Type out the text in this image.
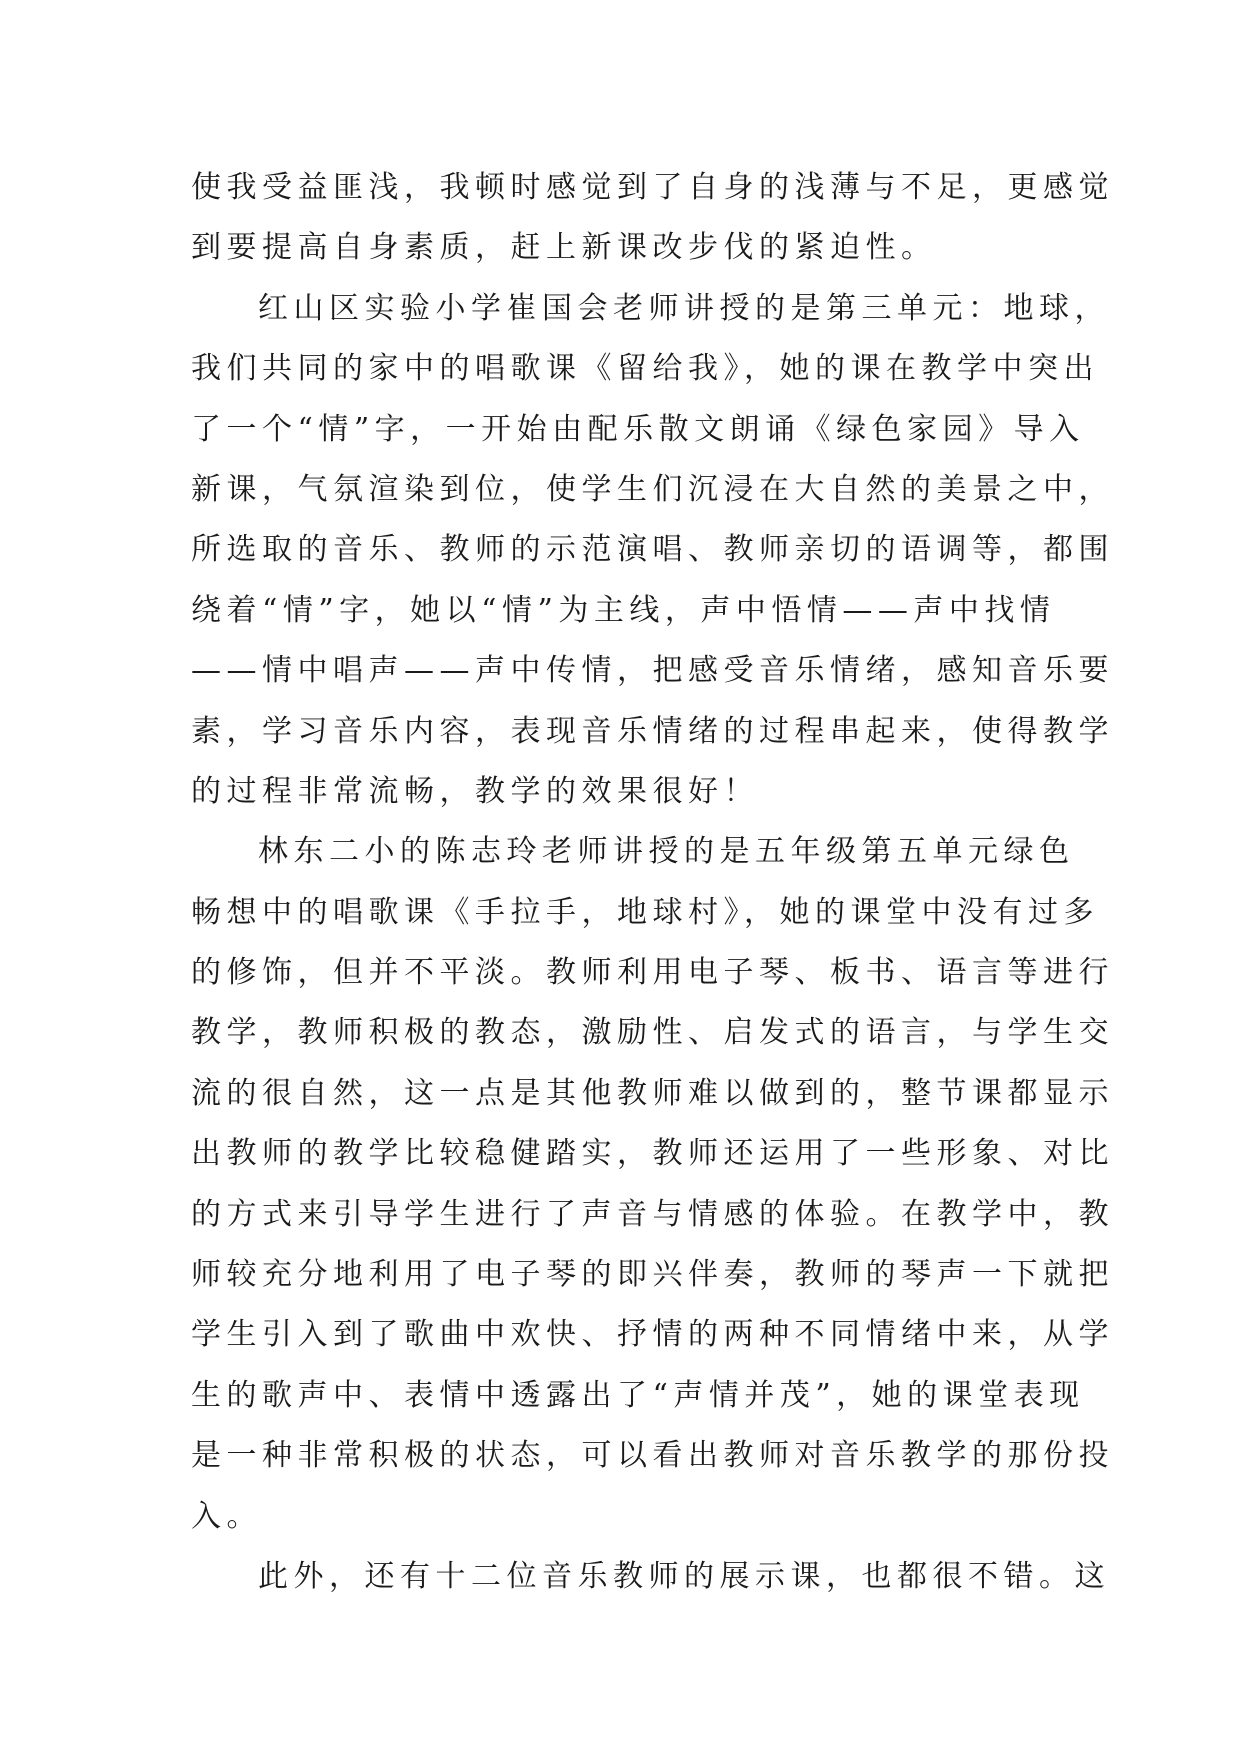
使我受益匪浅，我顿时感觉到了自身的浅薄与不足，更感觉
到要提高自身素质，赶上新课改步伐的紧迫性。
红山区实验小学崔国会老师讲授的是第三单元：地球，
我们共同的家中的唱歌课《留给我》，她的课在教学中突出
了一个“情”字，一开始由配乐散文朗诵《绿色家园》导入
新课，气氛渲染到位，使学生们沉浸在大自然的美景之中，
所选取的音乐、教师的示范演唱、教师亲切的语调等，都围
绕着“情”字，她以“情”为主线，声中悟情——声中找情
——情中唱声——声中传情，把感受音乐情绪，感知音乐要
素，学习音乐内容，表现音乐情绪的过程串起来，使得教学
的过程非常流畅，教学的效果很好！
林东二小的陈志玲老师讲授的是五年级第五单元绿色
畅想中的唱歌课《手拉手，地球村》，她的课堂中没有过多
的修饰，但并不平淡。教师利用电子琴、板书、语言等进行
教学，教师积极的教态，激励性、启发式的语言，与学生交
流的很自然，这一点是其他教师难以做到的，整节课都显示
出教师的教学比较稳健踏实，教师还运用了一些形象、对比
的方式来引导学生进行了声音与情感的体验。在教学中，教
师较充分地利用了电子琴的即兴伴奏，教师的琴声一下就把
学生引入到了歌曲中欢快、抒情的两种不同情绪中来，从学
生的歌声中、表情中透露出了“声情并茂”，她的课堂表现
是一种非常积极的状态，可以看出教师对音乐教学的那份投
入。
此外，还有十二位音乐教师的展示课，也都很不错。这
